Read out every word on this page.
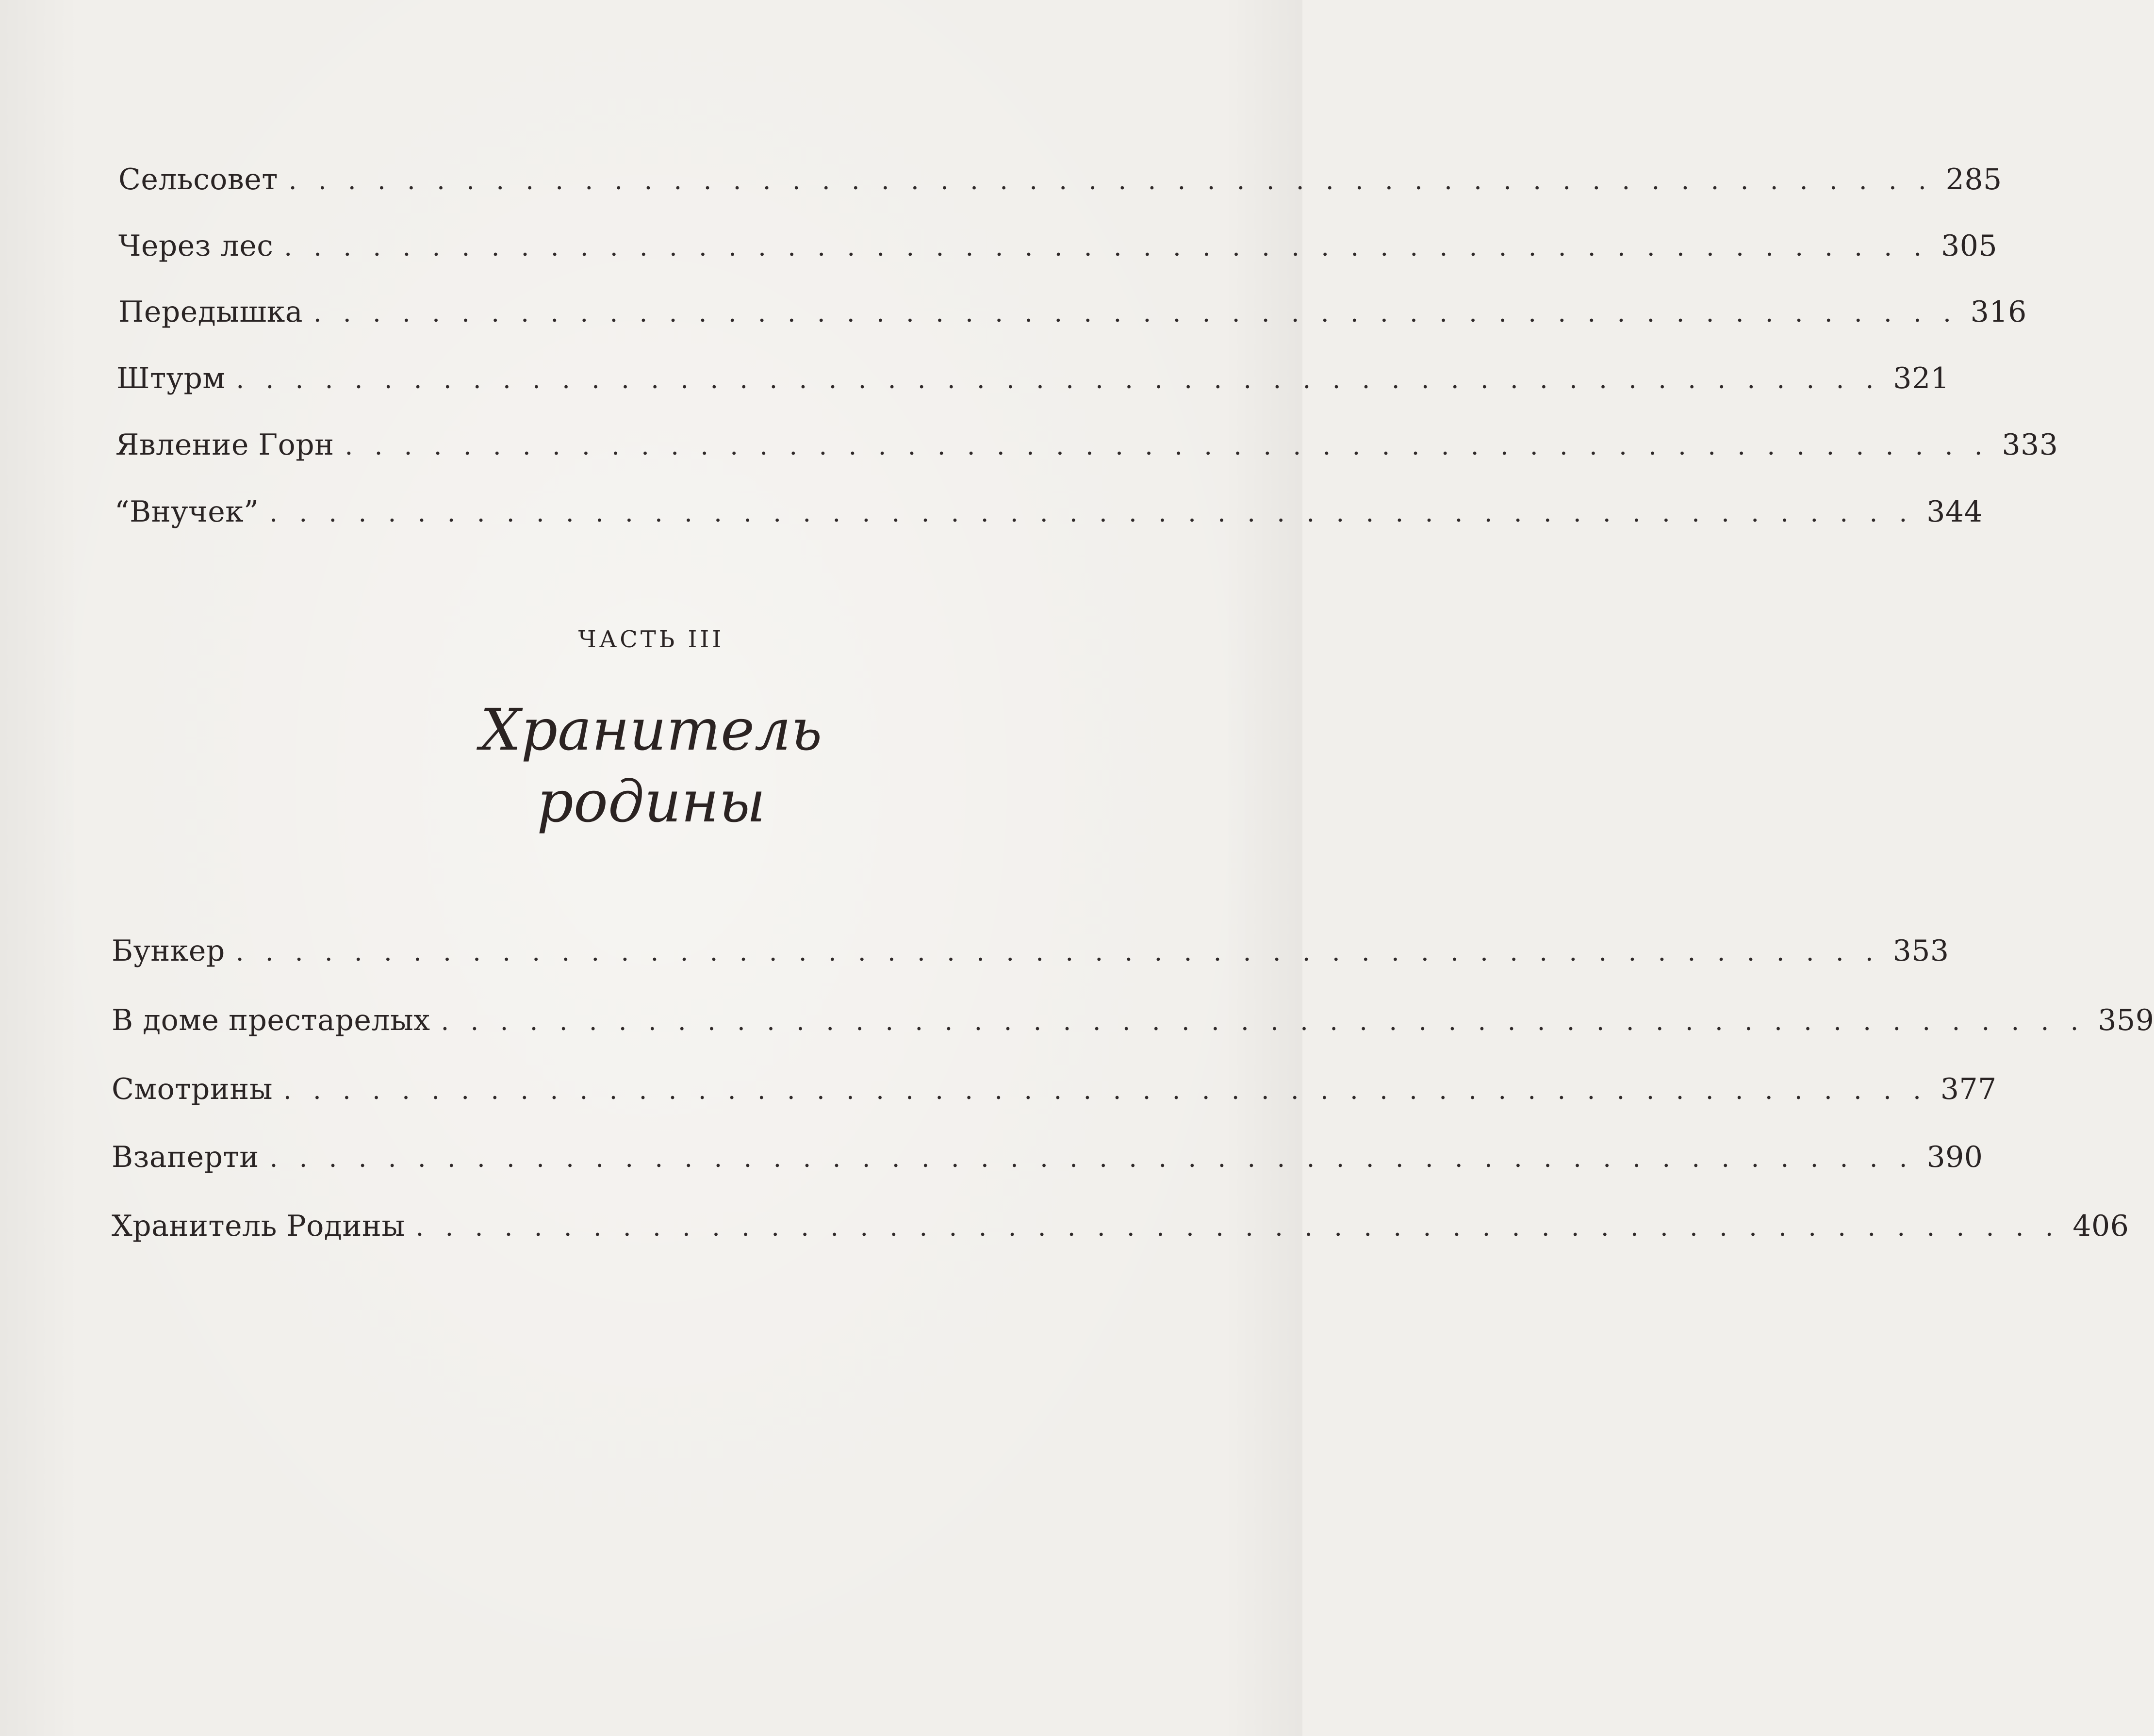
Сельсовет . . . . . . . . . . . . . . . . . . . . . . . . . . . . . . . . . . . . . . . . . . . . . . . . . . . . . . . . 285
Через лес . . . . . . . . . . . . . . . . . . . . . . . . . . . . . . . . . . . . . . . . . . . . . . . . . . . . . . . . 305
Передышка . . . . . . . . . . . . . . . . . . . . . . . . . . . . . . . . . . . . . . . . . . . . . . . . . . . . . . . . 316
Штурм . . . . . . . . . . . . . . . . . . . . . . . . . . . . . . . . . . . . . . . . . . . . . . . . . . . . . . . . 321
Явление Горн . . . . . . . . . . . . . . . . . . . . . . . . . . . . . . . . . . . . . . . . . . . . . . . . . . . . . . . . 333
“Внучек” . . . . . . . . . . . . . . . . . . . . . . . . . . . . . . . . . . . . . . . . . . . . . . . . . . . . . . . . 344
ЧАСТЬ III
Хранитель
родины
Бункер . . . . . . . . . . . . . . . . . . . . . . . . . . . . . . . . . . . . . . . . . . . . . . . . . . . . . . . . 353
В доме престарелых . . . . . . . . . . . . . . . . . . . . . . . . . . . . . . . . . . . . . . . . . . . . . . . . . . . . . . . . 359
Смотрины . . . . . . . . . . . . . . . . . . . . . . . . . . . . . . . . . . . . . . . . . . . . . . . . . . . . . . . . 377
Взаперти . . . . . . . . . . . . . . . . . . . . . . . . . . . . . . . . . . . . . . . . . . . . . . . . . . . . . . . . 390
Хранитель Родины . . . . . . . . . . . . . . . . . . . . . . . . . . . . . . . . . . . . . . . . . . . . . . . . . . . . . . . . 406
